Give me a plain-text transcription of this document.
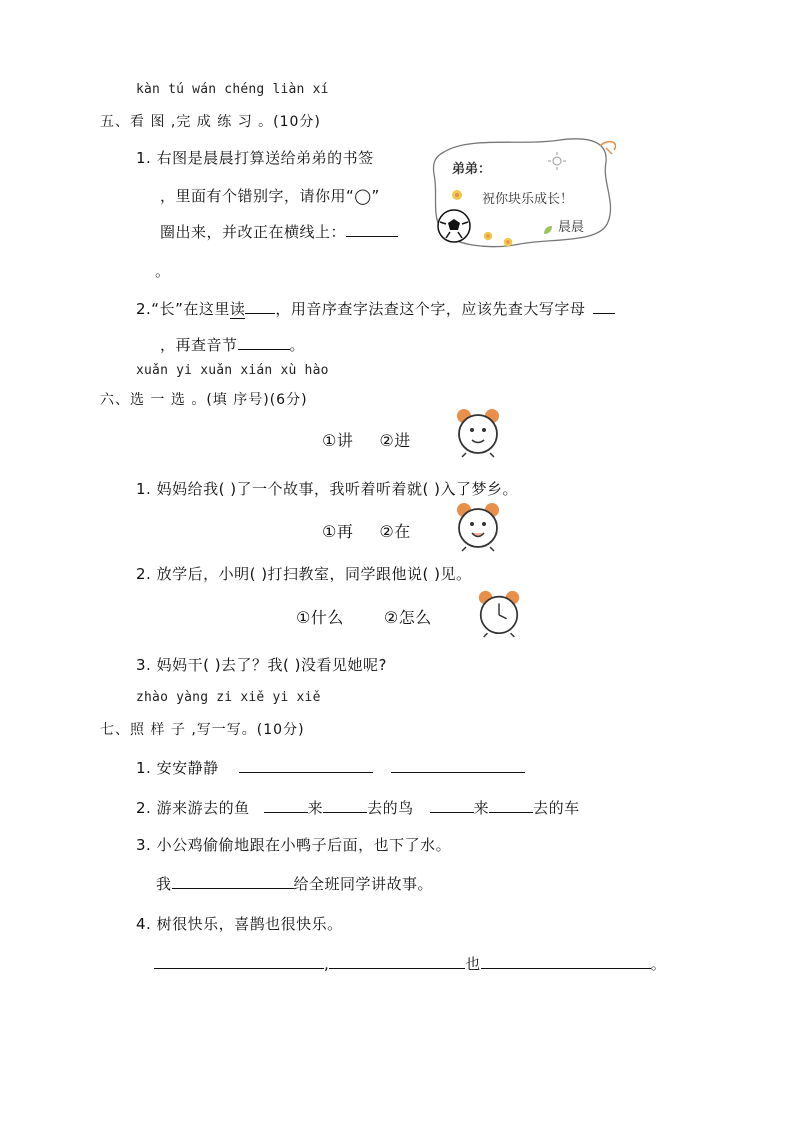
kàn tú wán chéng liàn xí
五、看 图 ,完 成 练 习 。(10分)
1. 右图是晨晨打算送给弟弟的书签
，里面有个错别字，请你用“◯”
圈出来，并改正在横线上：
。
弟弟：
祝你块乐成长！
晨晨
2.“长”在这里读 ，用音序查字法查这个字，应该先查大写字母
，再查音节	。
xuǎn yi xuǎn xián xù hào
六、选 一 选 。(填 序号)(6分)
①讲 ②进
1. 妈妈给我( )了一个故事，我听着听着就( )入了梦乡。
①再 ②在
2. 放学后，小明( )打扫教室，同学跟他说( )见。
①什么	②怎么
3. 妈妈干( )去了？我( )没看见她呢?
zhào yàng zi xiě yi xiě
七、照 样 子 ,写一写。(10分)
1. 安安静静
2. 游来游去的鱼	来	去的鸟	来	去的车
3. 小公鸡偷偷地跟在小鸭子后面，也下了水。
我	给全班同学讲故事。
4. 树很快乐，喜鹊也很快乐。
,	也	。
